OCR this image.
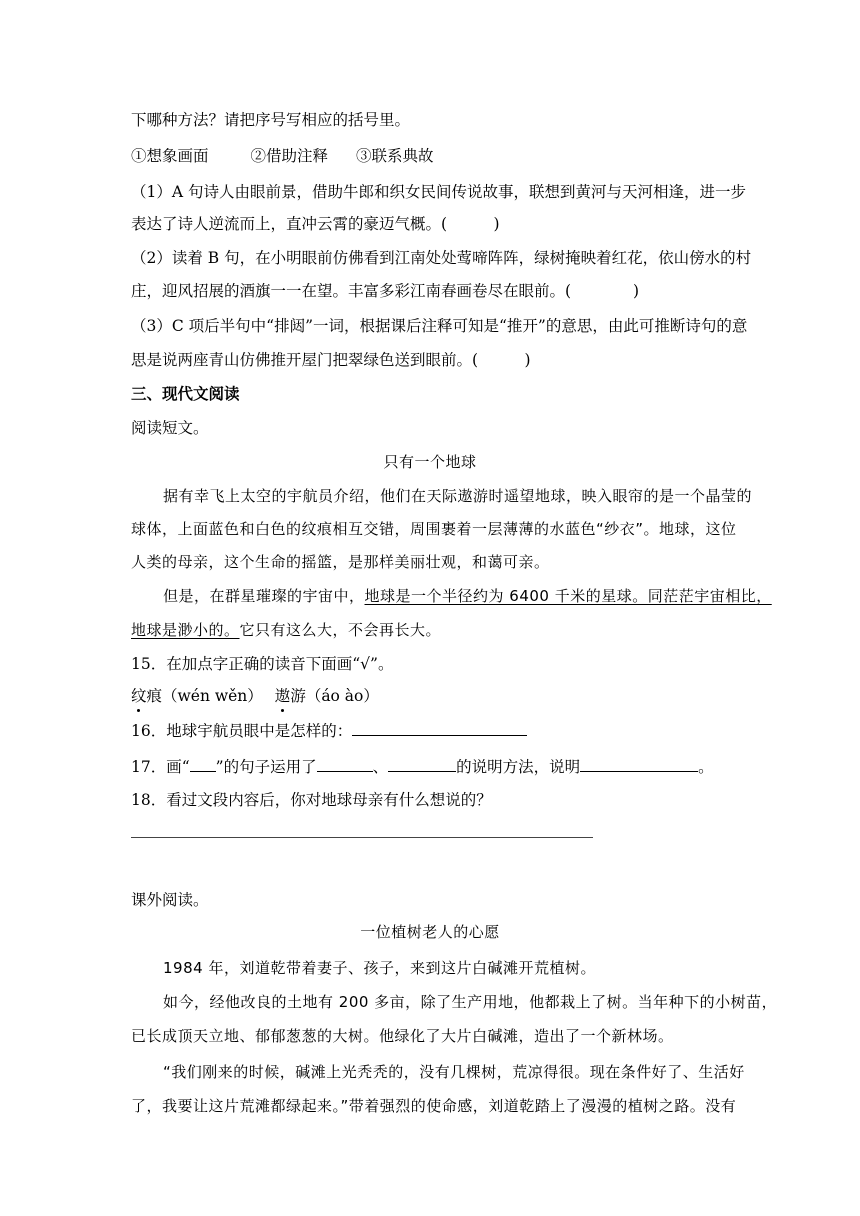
下哪种方法？请把序号写相应的括号里。
①想象画面	②借助注释 ③联系典故
（1）A 句诗人由眼前景，借助牛郎和织女民间传说故事，联想到黄河与天河相逢，进一步
表达了诗人逆流而上，直冲云霄的豪迈气概。(　　　)
（2）读着 B 句，在小明眼前仿佛看到江南处处莺啼阵阵，绿树掩映着红花，依山傍水的村
庄，迎风招展的酒旗一一在望。丰富多彩江南春画卷尽在眼前。(　　　　)
（3）C 项后半句中“排闼”一词，根据课后注释可知是“推开”的意思，由此可推断诗句的意
思是说两座青山仿佛推开屋门把翠绿色送到眼前。(　　　)
三、现代文阅读
阅读短文。
只有一个地球
据有幸飞上太空的宇航员介绍，他们在天际遨游时遥望地球，映入眼帘的是一个晶莹的
球体，上面蓝色和白色的纹痕相互交错，周围裹着一层薄薄的水蓝色“纱衣”。地球，这位
人类的母亲，这个生命的摇篮，是那样美丽壮观，和蔼可亲。
但是，在群星璀璨的宇宙中，地球是一个半径约为 6400 千米的星球。同茫茫宇宙相比，
地球是渺小的。它只有这么大，不会再长大。
15．在加点字正确的读音下面画“√”。
纹痕（wén wěn） 遨游（áo ào）
16．地球宇航员眼中是怎样的：
17．画“ ”的句子运用了	、	的说明方法，说明	。
18．看过文段内容后，你对地球母亲有什么想说的？
课外阅读。
一位植树老人的心愿
1984 年，刘道乾带着妻子、孩子，来到这片白碱滩开荒植树。
如今，经他改良的土地有 200 多亩，除了生产用地，他都栽上了树。当年种下的小树苗，
已长成顶天立地、郁郁葱葱的大树。他绿化了大片白碱滩，造出了一个新林场。
“我们刚来的时候，碱滩上光秃秃的，没有几棵树，荒凉得很。现在条件好了、生活好
了，我要让这片荒滩都绿起来。”带着强烈的使命感，刘道乾踏上了漫漫的植树之路。没有
